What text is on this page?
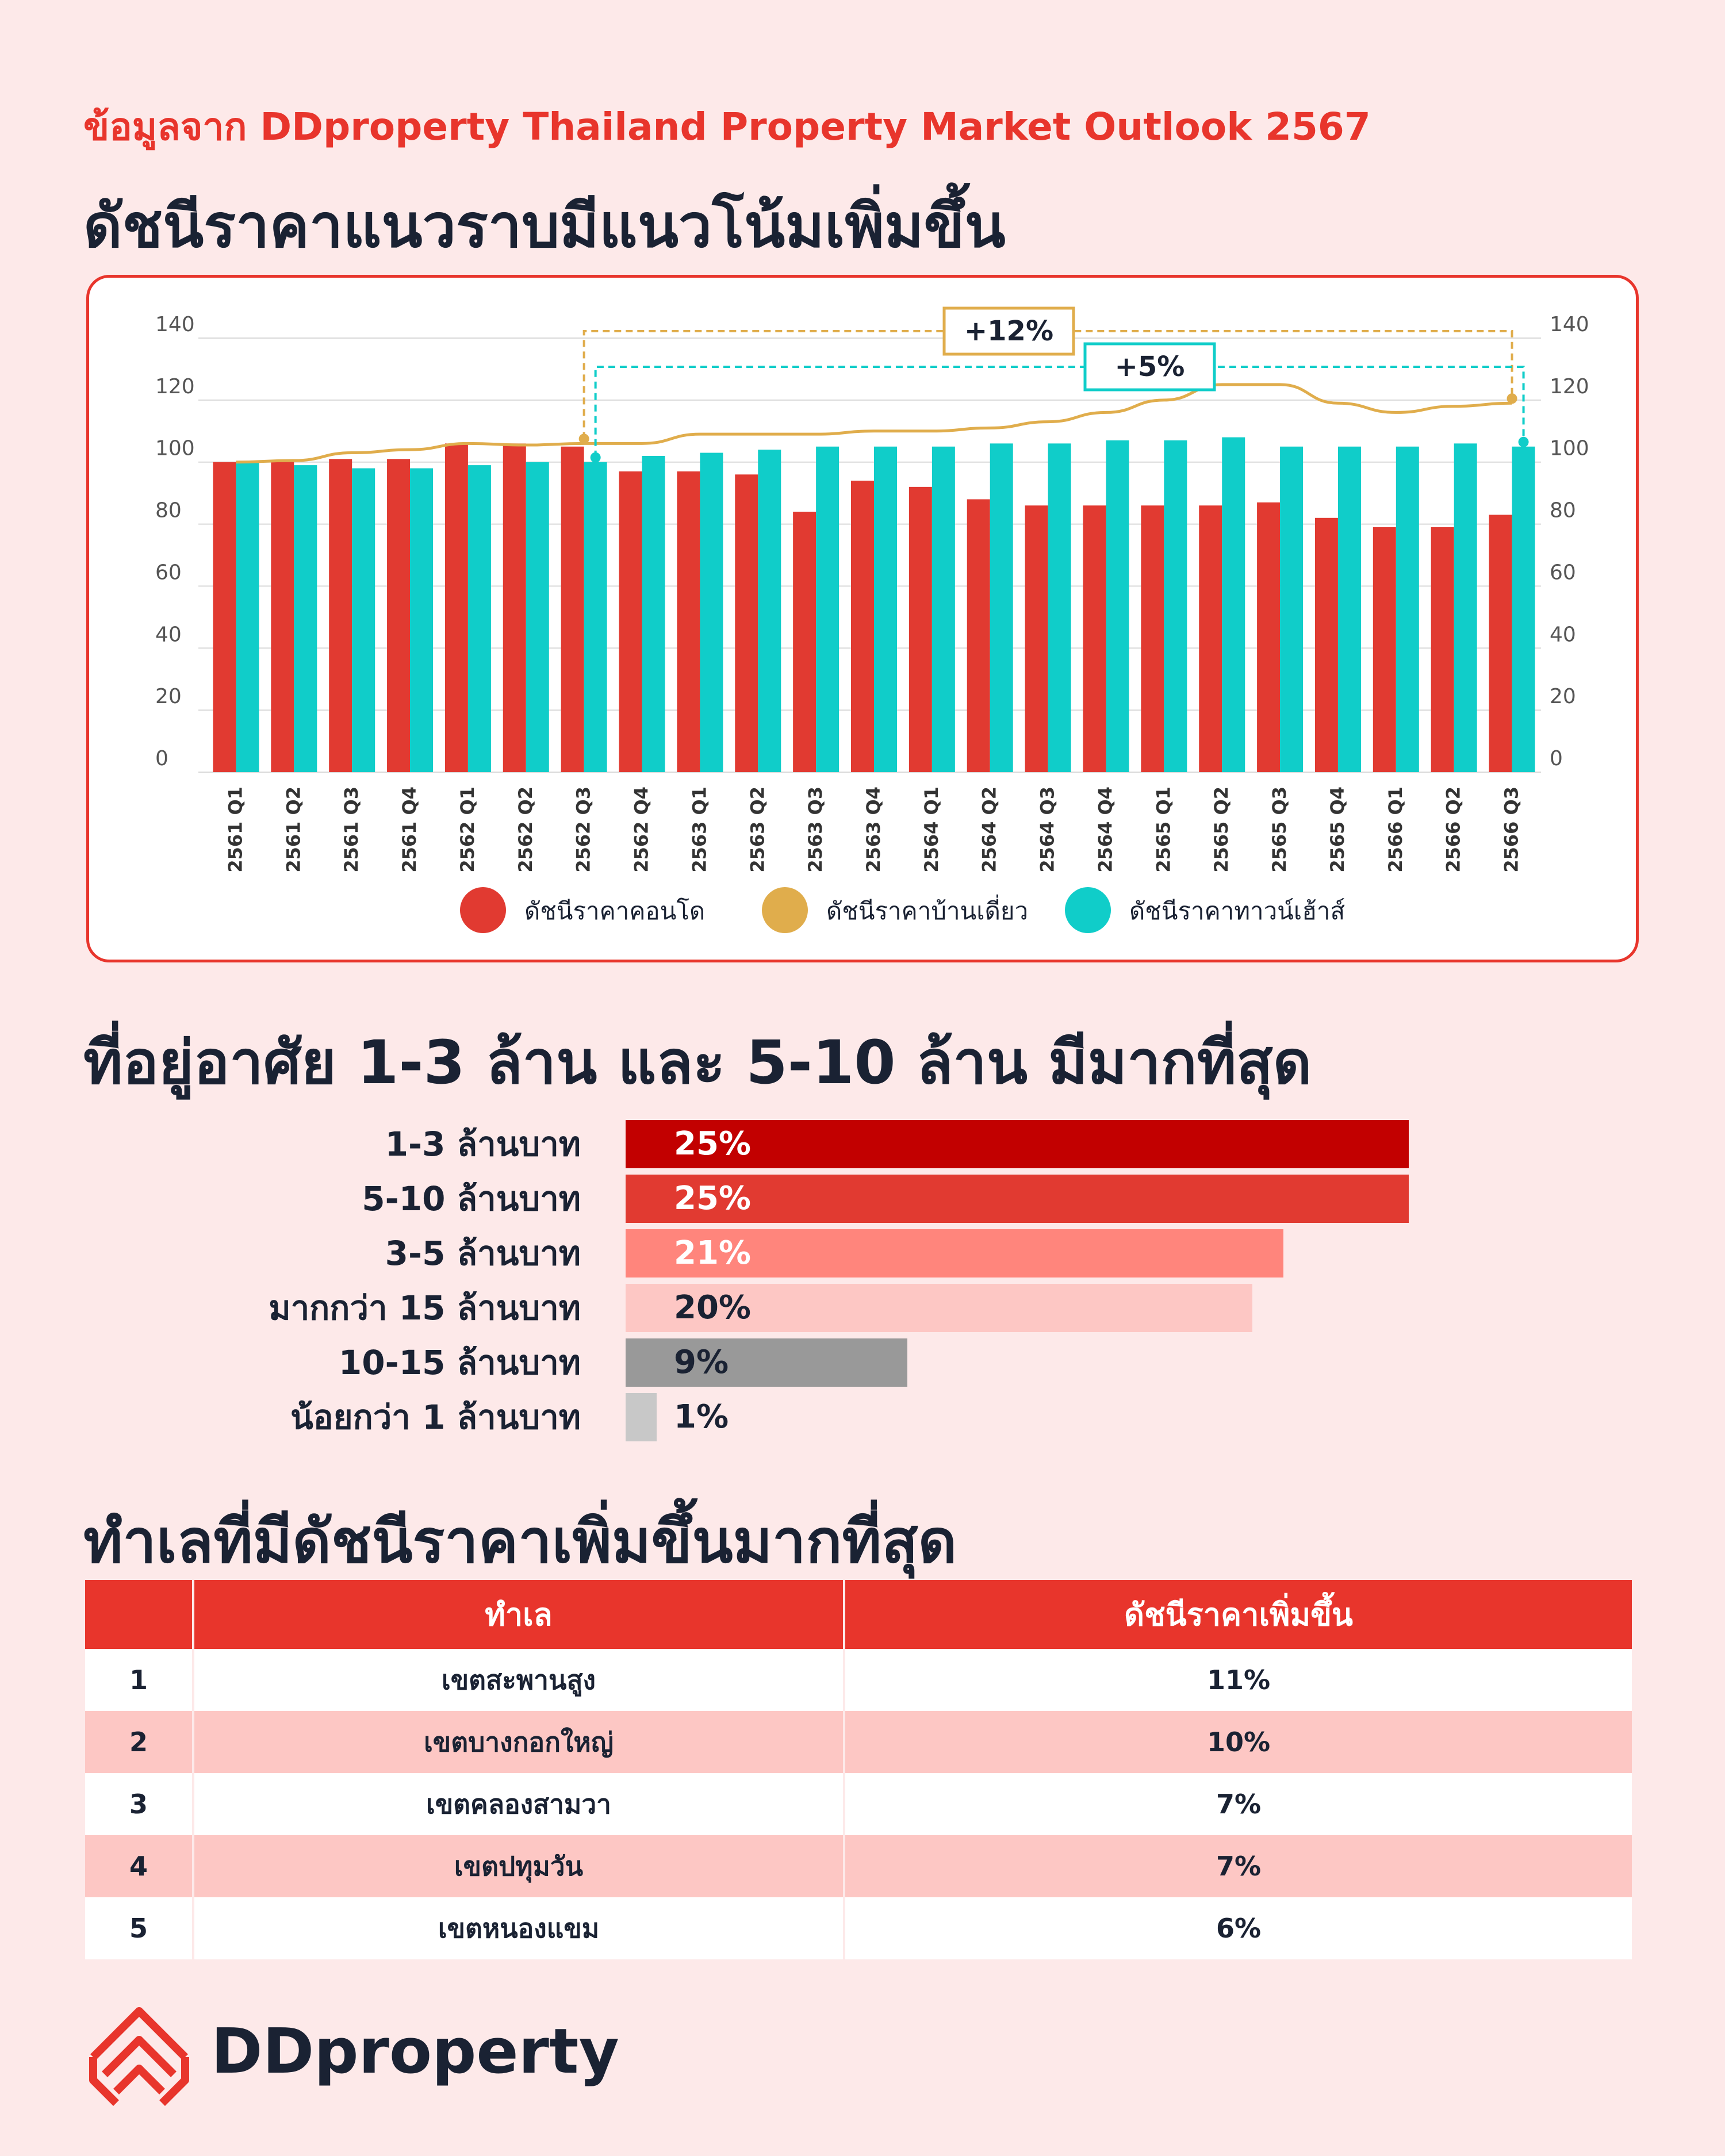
ข้อมูลจาก DDproperty Thailand Property Market Outlook 2567
ดัชนีราคาแนวราบมีแนวโน้มเพิ่มขึ้น
0	0
20	20
40	40
60	60
80	80
100	100
120	120
140	140
2561 Q1 2561 Q2 2561 Q3 2561 Q4 2562 Q1 2562 Q2 2562 Q3 2562 Q4 2563 Q1 2563 Q2 2563 Q3 2563 Q4 2564 Q1 2564 Q2 2564 Q3 2564 Q4 2565 Q1 2565 Q2 2565 Q3 2565 Q4 2566 Q1 2566 Q2 2566 Q3
+12%
+5%
ดัชนีราคาคอนโด	ดัชนีราคาบ้านเดี่ยว	ดัชนีราคาทาวน์เฮ้าส์
ที่อยู่อาศัย 1-3 ล้าน และ 5-10 ล้าน มีมากที่สุด
1-3 ล้านบาท	25%
5-10 ล้านบาท	25%
3-5 ล้านบาท	21%
มากกว่า 15 ล้านบาท	20%
10-15 ล้านบาท	9%
น้อยกว่า 1 ล้านบาท	1%
ทำเลที่มีดัชนีราคาเพิ่มขึ้นมากที่สุด
	ทำเล	ดัชนีราคาเพิ่มขึ้น
1	เขตสะพานสูง	11%
2	เขตบางกอกใหญ่	10%
3	เขตคลองสามวา	7%
4	เขตปทุมวัน	7%
5	เขตหนองแขม	6%
DDproperty
